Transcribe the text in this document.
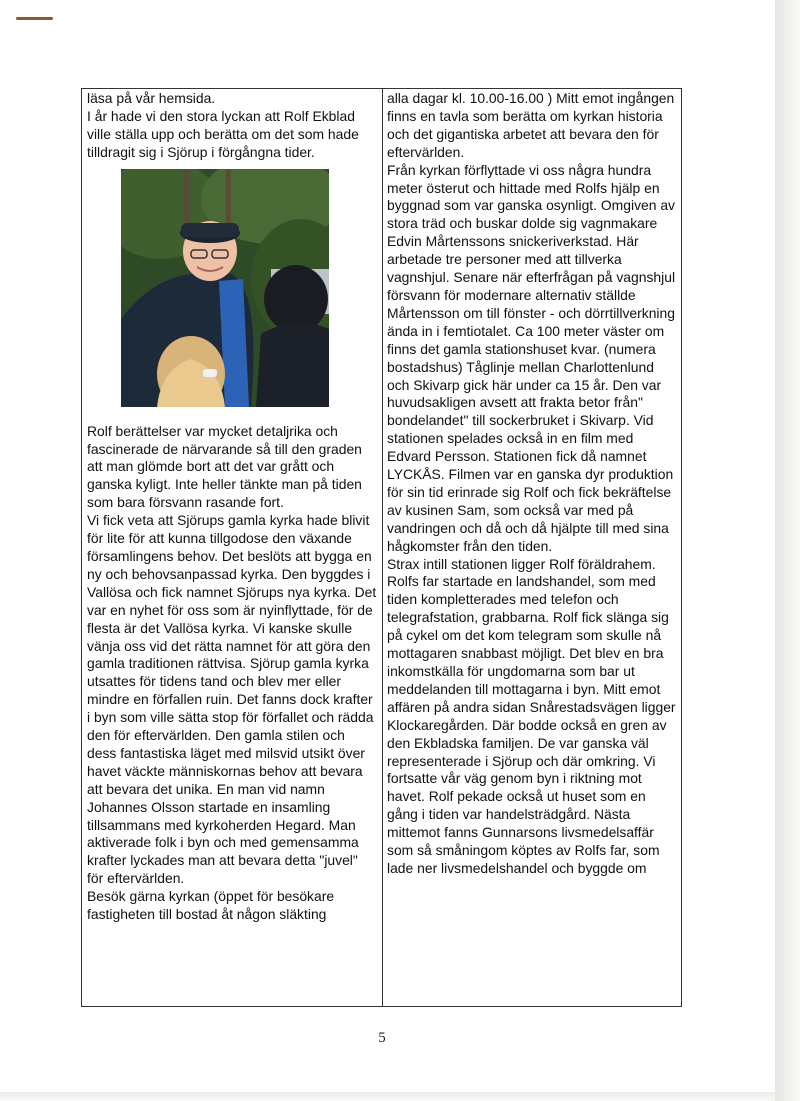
läsa på vår hemsida.

I år hade vi den stora lyckan att Rolf Ekblad ville ställa upp och berätta om det som hade tilldragit sig i Sjörup i förgångna tider.

Rolf berättelser var mycket detaljrika och fascinerade de närvarande så till den graden att man glömde bort att det var grått och ganska kyligt. Inte heller tänkte man på tiden som bara försvann rasande fort.

Vi fick veta att Sjörups gamla kyrka hade blivit för lite för att kunna tillgodose den växande församlingens behov. Det beslöts att bygga en ny och behovsanpassad kyrka. Den byggdes i Vallösa och fick namnet Sjörups nya kyrka. Det var en nyhet för oss som är nyinflyttade, för de flesta är det Vallösa kyrka. Vi kanske skulle vänja oss vid det rätta namnet för att göra den gamla traditionen rättvisa. Sjörup gamla kyrka utsattes för tidens tand och blev mer eller mindre en förfallen ruin. Det fanns dock krafter i byn som ville sätta stop för förfallet och rädda den för eftervärlden. Den gamla stilen och dess fantastiska läget med milsvid utsikt över havet väckte människornas behov att bevara att bevara det unika. En man vid namn Johannes Olsson startade en insamling tillsammans med kyrkoherden Hegard. Man aktiverade folk i byn och med gemensamma krafter lyckades man att bevara detta "juvel" för eftervärlden.

Besök gärna kyrkan (öppet för besökare fastigheten till bostad åt någon släkting

alla dagar kl. 10.00-16.00 ) Mitt emot ingången finns en tavla som berätta om kyrkan historia och det gigantiska arbetet att bevara den för eftervärlden.

Från kyrkan förflyttade vi oss några hundra meter österut och hittade med Rolfs hjälp en byggnad som var ganska osynligt. Omgiven av stora träd och buskar dolde sig vagnmakare Edvin Mårtenssons snickeriverkstad. Här arbetade tre personer med att tillverka vagnshjul. Senare när efterfrågan på vagnshjul försvann för modernare alternativ ställde Mårtensson om till fönster - och dörrtillverkning ända in i femtiotalet. Ca 100 meter väster om finns det gamla stationshuset kvar. (numera bostadshus) Tåglinje mellan Charlottenlund och Skivarp gick här under ca 15 år. Den var huvudsakligen avsett att frakta betor från" bondelandet" till sockerbruket i Skivarp. Vid stationen spelades också in en film med Edvard Persson. Stationen fick då namnet LYCKÅS. Filmen var en ganska dyr produktion för sin tid erinrade sig Rolf och fick bekräftelse av kusinen Sam, som också var med på vandringen och då och då hjälpte till med sina hågkomster från den tiden.

Strax intill stationen ligger Rolf föräldrahem. Rolfs far startade en landshandel, som med tiden kompletterades med telefon och telegrafstation, grabbarna. Rolf fick slänga sig på cykel om det kom telegram som skulle nå mottagaren snabbast möjligt. Det blev en bra inkomstkälla för ungdomarna som bar ut meddelanden till mottagarna i byn. Mitt emot affären på andra sidan Snårestadsvägen ligger Klockaregården. Där bodde också en gren av den Ekbladska familjen. De var ganska väl representerade i Sjörup och där omkring. Vi fortsatte vår väg genom byn i riktning mot havet. Rolf pekade också ut huset som en gång i tiden var handelsträdgård. Nästa mittemot fanns Gunnarsons livsmedelsaffär som så småningom köptes av Rolfs far, som lade ner livsmedelshandel och byggde om

5
